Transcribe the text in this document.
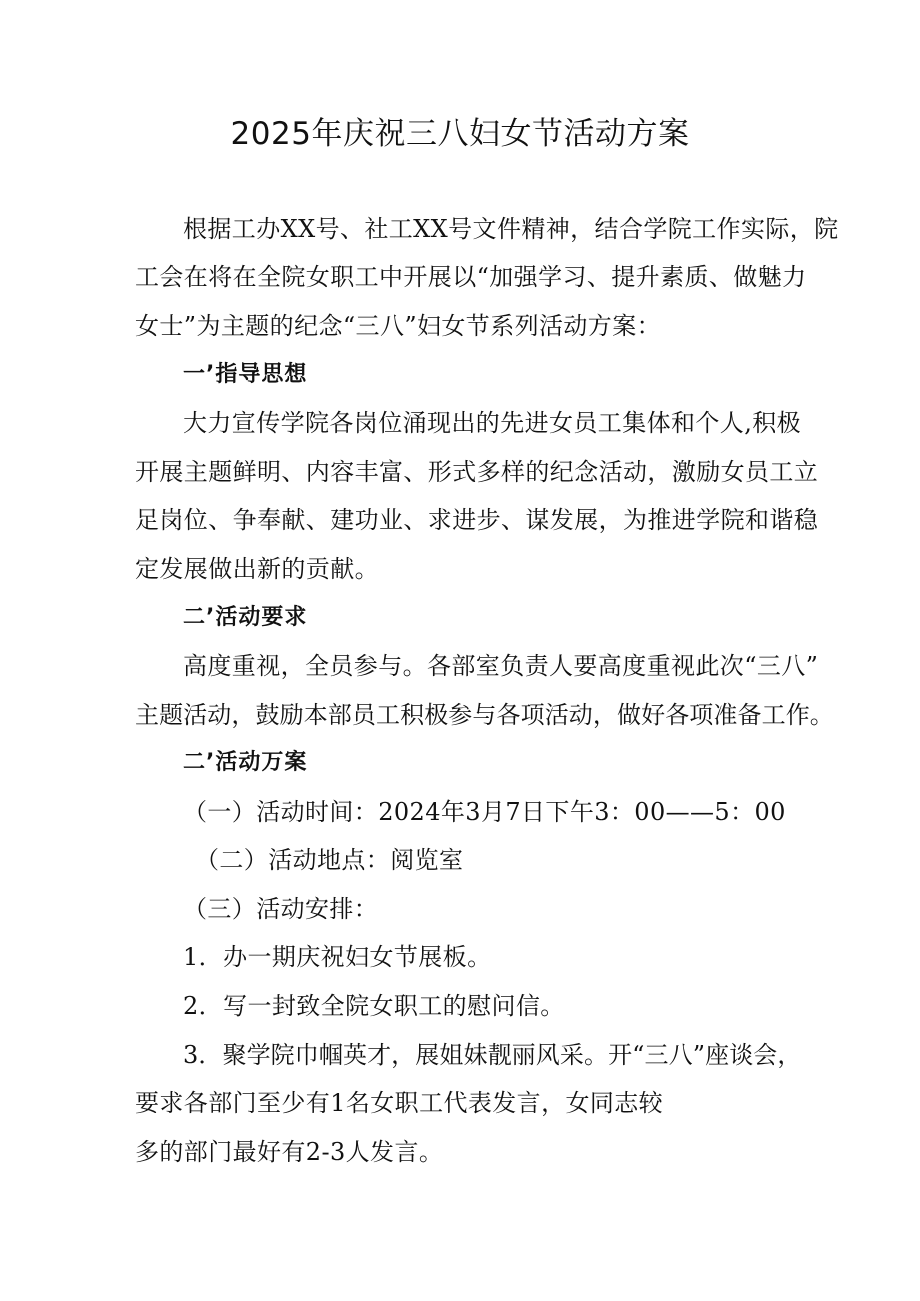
2025年庆祝三八妇女节活动方案
根据工办XX号、社工XX号文件精神，结合学院工作实际，院
工会在将在全院女职工中开展以“加强学习、提升素质、做魅力
女士”为主题的纪念“三八”妇女节系列活动方案：
一’指导思想
大力宣传学院各岗位涌现出的先进女员工集体和个人,积极
开展主题鲜明、内容丰富、形式多样的纪念活动，激励女员工立
足岗位、争奉献、建功业、求进步、谋发展，为推进学院和谐稳
定发展做出新的贡献。
二’活动要求
高度重视，全员参与。各部室负责人要高度重视此次“三八”
主题活动，鼓励本部员工积极参与各项活动，做好各项准备工作。
二’活动万案
（一）活动时间：2024年3月7日下午3：00——5：00
（二）活动地点：阅览室
（三）活动安排：
1．办一期庆祝妇女节展板。
2．写一封致全院女职工的慰问信。
3．聚学院巾帼英才，展姐妹靓丽风采。开“三八”座谈会，
要求各部门至少有1名女职工代表发言，女同志较
多的部门最好有2-3人发言。
